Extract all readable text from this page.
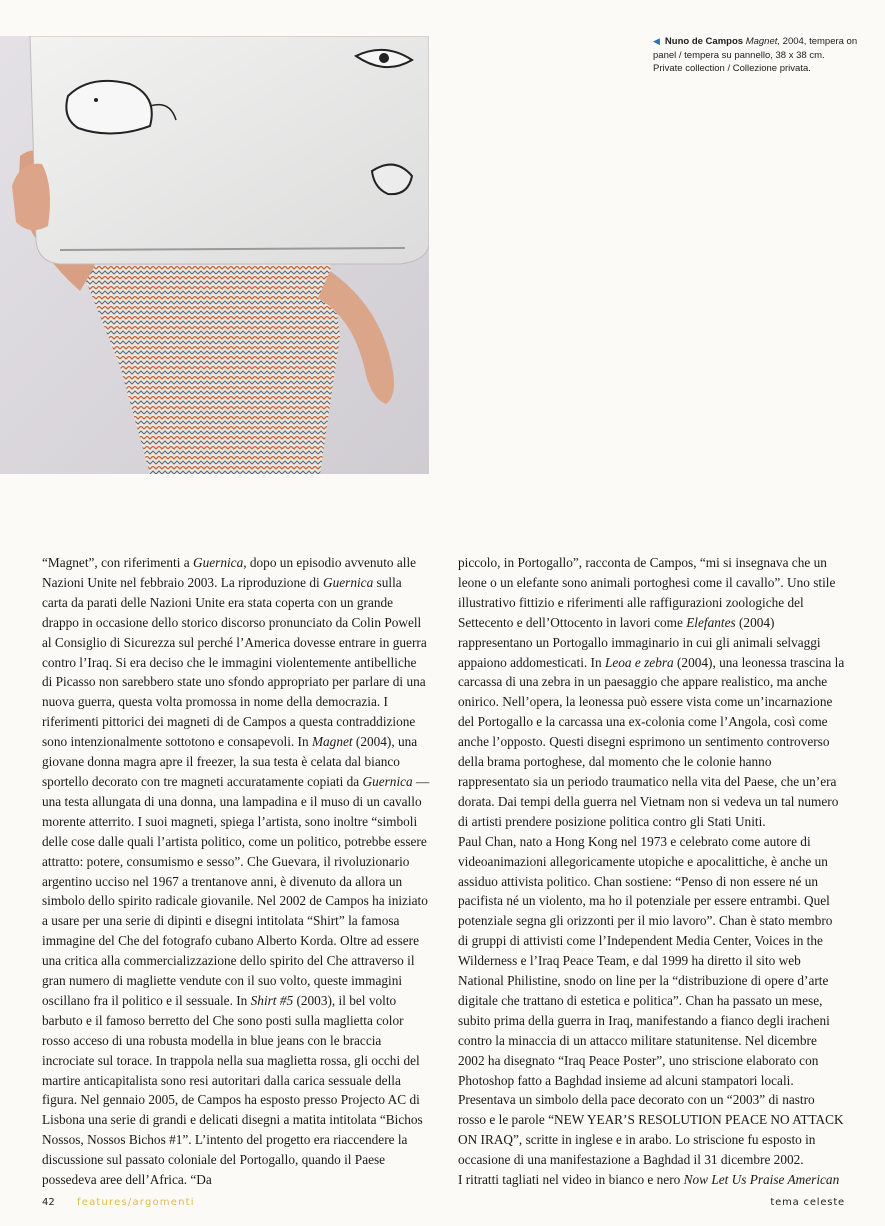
◀ Nuno de Campos Magnet, 2004, tempera on panel / tempera su pannello, 38 x 38 cm.
Private collection / Collezione privata.

“Magnet”, con riferimenti a Guernica, dopo un episodio avvenuto alle Nazioni Unite nel febbraio 2003. La riproduzione di Guernica sulla carta da parati delle Nazioni Unite era stata coperta con un grande drappo in occasione dello storico discorso pronunciato da Colin Powell al Consiglio di Sicurezza sul perché l’America dovesse entrare in guerra contro l’Iraq. Si era deciso che le immagini violentemente antibelliche di Picasso non sarebbero state uno sfondo appropriato per parlare di una nuova guerra, questa volta promossa in nome della democrazia. I riferimenti pittorici dei magneti di de Campos a questa contraddizione sono intenzionalmente sottotono e consapevoli. In Magnet (2004), una giovane donna magra apre il freezer, la sua testa è celata dal bianco sportello decorato con tre magneti accuratamente copiati da Guernica — una testa allungata di una donna, una lampadina e il muso di un cavallo morente atterrito. I suoi magneti, spiega l’artista, sono inoltre “simboli delle cose dalle quali l’artista politico, come un politico, potrebbe essere attratto: potere, consumismo e sesso”. Che Guevara, il rivoluzionario argentino ucciso nel 1967 a trentanove anni, è divenuto da allora un simbolo dello spirito radicale giovanile. Nel 2002 de Campos ha iniziato a usare per una serie di dipinti e disegni intitolata “Shirt” la famosa immagine del Che del fotografo cubano Alberto Korda. Oltre ad essere una critica alla commercializzazione dello spirito del Che attraverso il gran numero di magliette vendute con il suo volto, queste immagini oscillano fra il politico e il sessuale. In Shirt #5 (2003), il bel volto barbuto e il famoso berretto del Che sono posti sulla maglietta color rosso acceso di una robusta modella in blue jeans con le braccia incrociate sul torace. In trappola nella sua maglietta rossa, gli occhi del martire anticapitalista sono resi autoritari dalla carica sessuale della figura. Nel gennaio 2005, de Campos ha esposto presso Projecto AC di Lisbona una serie di grandi e delicati disegni a matita intitolata “Bichos Nossos, Nossos Bichos #1”. L’intento del progetto era riaccendere la discussione sul passato coloniale del Portogallo, quando il Paese possedeva aree dell’Africa. “Da

piccolo, in Portogallo”, racconta de Campos, “mi si insegnava che un leone o un elefante sono animali portoghesi come il cavallo”. Uno stile illustrativo fittizio e riferimenti alle raffigurazioni zoologiche del Settecento e dell’Ottocento in lavori come Elefantes (2004) rappresentano un Portogallo immaginario in cui gli animali selvaggi appaiono addomesticati. In Leoa e zebra (2004), una leonessa trascina la carcassa di una zebra in un paesaggio che appare realistico, ma anche onirico. Nell’opera, la leonessa può essere vista come un’incarnazione del Portogallo e la carcassa una ex-colonia come l’Angola, così come anche l’opposto. Questi disegni esprimono un sentimento controverso della brama portoghese, dal momento che le colonie hanno rappresentato sia un periodo traumatico nella vita del Paese, che un’era dorata. Dai tempi della guerra nel Vietnam non si vedeva un tal numero di artisti prendere posizione politica contro gli Stati Uniti.
Paul Chan, nato a Hong Kong nel 1973 e celebrato come autore di videoanimazioni allegoricamente utopiche e apocalittiche, è anche un assiduo attivista politico. Chan sostiene: “Penso di non essere né un pacifista né un violento, ma ho il potenziale per essere entrambi. Quel potenziale segna gli orizzonti per il mio lavoro”. Chan è stato membro di gruppi di attivisti come l’Independent Media Center, Voices in the Wilderness e l’Iraq Peace Team, e dal 1999 ha diretto il sito web National Philistine, snodo on line per la “distribuzione di opere d’arte digitale che trattano di estetica e politica”. Chan ha passato un mese, subito prima della guerra in Iraq, manifestando a fianco degli iracheni contro la minaccia di un attacco militare statunitense. Nel dicembre 2002 ha disegnato “Iraq Peace Poster”, uno striscione elaborato con Photoshop fatto a Baghdad insieme ad alcuni stampatori locali. Presentava un simbolo della pace decorato con un “2003” di nastro rosso e le parole “NEW YEAR’S RESOLUTION PEACE NO ATTACK ON IRAQ”, scritte in inglese e in arabo. Lo striscione fu esposto in occasione di una manifestazione a Baghdad il 31 dicembre 2002.
I ritratti tagliati nel video in bianco e nero Now Let Us Praise American

42 features/argomenti	tema celeste
